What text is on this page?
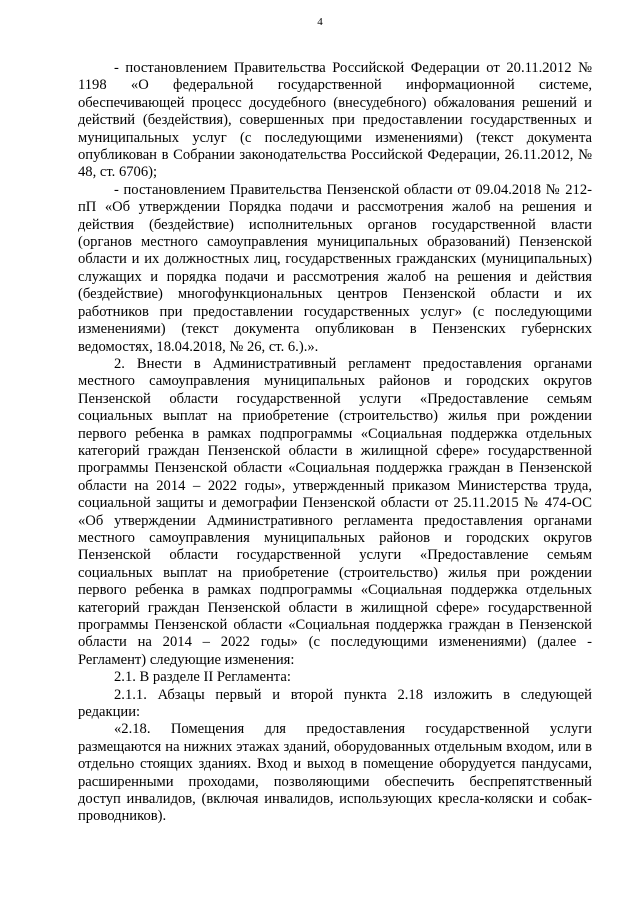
4

- постановлением Правительства Российской Федерации от 20.11.2012 № 1198 «О федеральной государственной информационной системе, обеспечивающей процесс досудебного (внесудебного) обжалования решений и действий (бездействия), совершенных при предоставлении государственных и муниципальных услуг (с последующими изменениями) (текст документа опубликован в Собрании законодательства Российской Федерации, 26.11.2012, № 48, ст. 6706);

- постановлением Правительства Пензенской области от 09.04.2018 № 212-пП «Об утверждении Порядка подачи и рассмотрения жалоб на решения и действия (бездействие) исполнительных органов государственной власти (органов местного самоуправления муниципальных образований) Пензенской области и их должностных лиц, государственных гражданских (муниципальных) служащих и порядка подачи и рассмотрения жалоб на решения и действия (бездействие) многофункциональных центров Пензенской области и их работников при предоставлении государственных услуг» (с последующими изменениями) (текст документа опубликован в Пензенских губернских ведомостях, 18.04.2018, № 26, ст. 6.).».

2. Внести в Административный регламент предоставления органами местного самоуправления муниципальных районов и городских округов Пензенской области государственной услуги «Предоставление семьям социальных выплат на приобретение (строительство) жилья при рождении первого ребенка в рамках подпрограммы «Социальная поддержка отдельных категорий граждан Пензенской области в жилищной сфере» государственной программы Пензенской области «Социальная поддержка граждан в Пензенской области на 2014 – 2022 годы», утвержденный приказом Министерства труда, социальной защиты и демографии Пензенской области от 25.11.2015 № 474-ОС «Об утверждении Административного регламента предоставления органами местного самоуправления муниципальных районов и городских округов Пензенской области государственной услуги «Предоставление семьям социальных выплат на приобретение (строительство) жилья при рождении первого ребенка в рамках подпрограммы «Социальная поддержка отдельных категорий граждан Пензенской области в жилищной сфере» государственной программы Пензенской области «Социальная поддержка граждан в Пензенской области на 2014 – 2022 годы» (с последующими изменениями) (далее - Регламент) следующие изменения:

2.1. В разделе II Регламента:

2.1.1. Абзацы первый и второй пункта 2.18 изложить в следующей редакции:

«2.18. Помещения для предоставления государственной услуги размещаются на нижних этажах зданий, оборудованных отдельным входом, или в отдельно стоящих зданиях. Вход и выход в помещение оборудуется пандусами, расширенными проходами, позволяющими обеспечить беспрепятственный доступ инвалидов, (включая инвалидов, использующих кресла-коляски и собак-проводников).
